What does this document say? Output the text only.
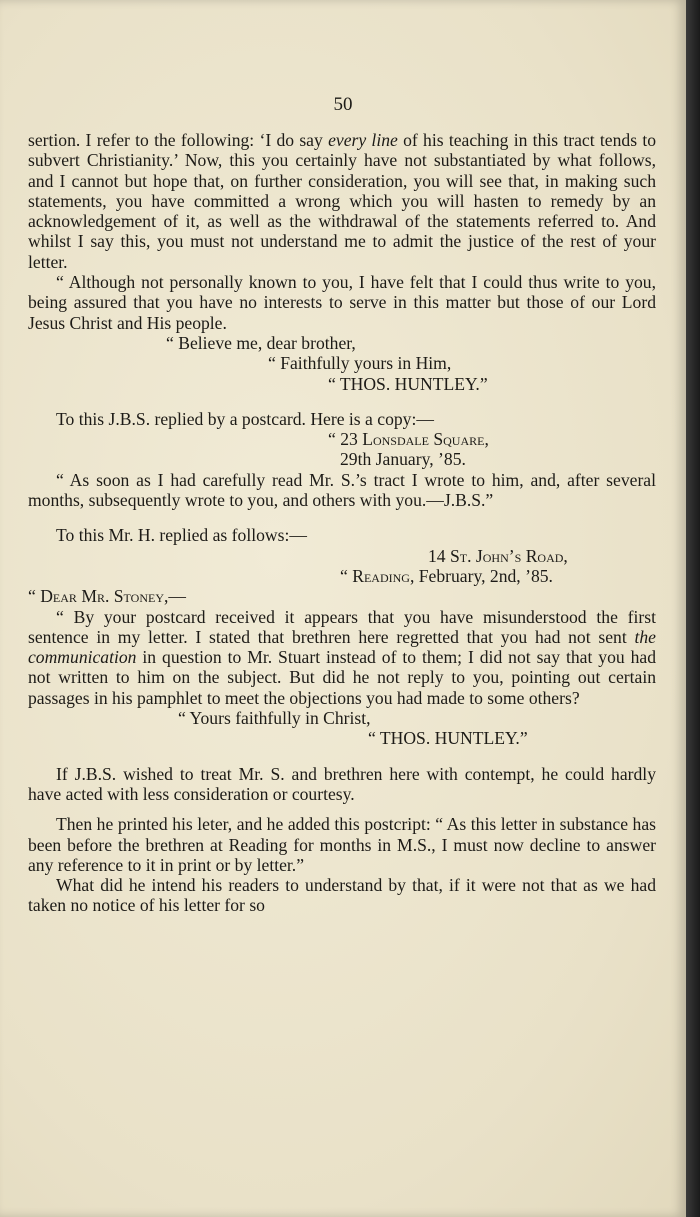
50
sertion. I refer to the following: ‘I do say every line of his teaching in this tract tends to subvert Christianity.’ Now, this you certainly have not substantiated by what follows, and I cannot but hope that, on further consideration, you will see that, in making such statements, you have committed a wrong which you will hasten to remedy by an acknowledgement of it, as well as the withdrawal of the statements referred to. And whilst I say this, you must not understand me to admit the justice of the rest of your letter.
“ Although not personally known to you, I have felt that I could thus write to you, being assured that you have no interests to serve in this matter but those of our Lord Jesus Christ and His people.
“ Believe me, dear brother,
“ Faithfully yours in Him,
“ THOS. HUNTLEY.”
To this J.B.S. replied by a postcard. Here is a copy:—
“ 23 Lonsdale Square,
29th January, ’85.
“ As soon as I had carefully read Mr. S.’s tract I wrote to him, and, after several months, subsequently wrote to you, and others with you.—J.B.S.”
To this Mr. H. replied as follows:—
14 St. John’s Road,
“ Reading, February, 2nd, ’85.
“ Dear Mr. Stoney,—
“ By your postcard received it appears that you have misunderstood the first sentence in my letter. I stated that brethren here regretted that you had not sent the communication in question to Mr. Stuart instead of to them; I did not say that you had not written to him on the subject. But did he not reply to you, pointing out certain passages in his pamphlet to meet the objections you had made to some others?
“ Yours faithfully in Christ,
“ THOS. HUNTLEY.”
If J.B.S. wished to treat Mr. S. and brethren here with contempt, he could hardly have acted with less consideration or courtesy.
Then he printed his leter, and he added this postcript: “ As this letter in substance has been before the brethren at Reading for months in M.S., I must now decline to answer any reference to it in print or by letter.”
What did he intend his readers to understand by that, if it were not that as we had taken no notice of his letter for so
